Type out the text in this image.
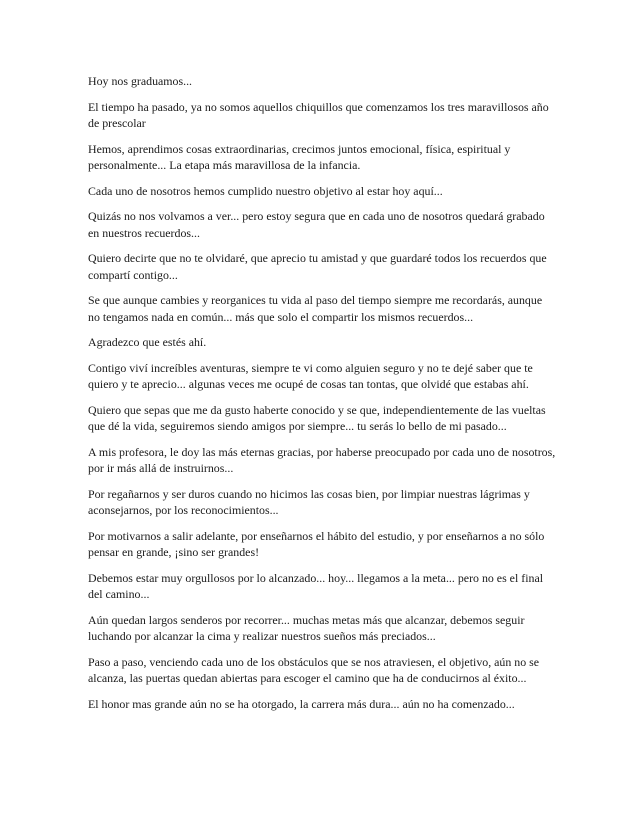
Hoy nos graduamos...

El tiempo ha pasado, ya no somos aquellos chiquillos que comenzamos los tres maravillosos año de prescolar

Hemos, aprendimos cosas extraordinarias, crecimos juntos emocional, física, espiritual y personalmente... La etapa más maravillosa de la infancia.

Cada uno de nosotros hemos cumplido nuestro objetivo al estar hoy aquí...

Quizás no nos volvamos a ver... pero estoy segura que en cada uno de nosotros quedará grabado en nuestros recuerdos...

Quiero decirte que no te olvidaré, que aprecio tu amistad y que guardaré todos los recuerdos que compartí contigo...

Se que aunque cambies y reorganices tu vida al paso del tiempo siempre me recordarás, aunque no tengamos nada en común... más que solo el compartir los mismos recuerdos...

Agradezco que estés ahí.

Contigo viví increíbles aventuras, siempre te vi como alguien seguro y no te dejé saber que te quiero y te aprecio... algunas veces me ocupé de cosas tan tontas, que olvidé que estabas ahí.

Quiero que sepas que me da gusto haberte conocido y se que, independientemente de las vueltas que dé la vida, seguiremos siendo amigos por siempre... tu serás lo bello de mi pasado...

A mis profesora, le doy las más eternas gracias, por haberse preocupado por cada uno de nosotros, por ir más allá de instruirnos...

Por regañarnos y ser duros cuando no hicimos las cosas bien, por limpiar nuestras lágrimas y aconsejarnos, por los reconocimientos...

Por motivarnos a salir adelante, por enseñarnos el hábito del estudio, y por enseñarnos a no sólo pensar en grande, ¡sino ser grandes!

Debemos estar muy orgullosos por lo alcanzado... hoy... llegamos a la meta... pero no es el final del camino...

Aún quedan largos senderos por recorrer... muchas metas más que alcanzar, debemos seguir luchando por alcanzar la cima y realizar nuestros sueños más preciados...

Paso a paso, venciendo cada uno de los obstáculos que se nos atraviesen, el objetivo, aún no se alcanza, las puertas quedan abiertas para escoger el camino que ha de conducirnos al éxito...

El honor mas grande aún no se ha otorgado, la carrera más dura... aún no ha comenzado...
